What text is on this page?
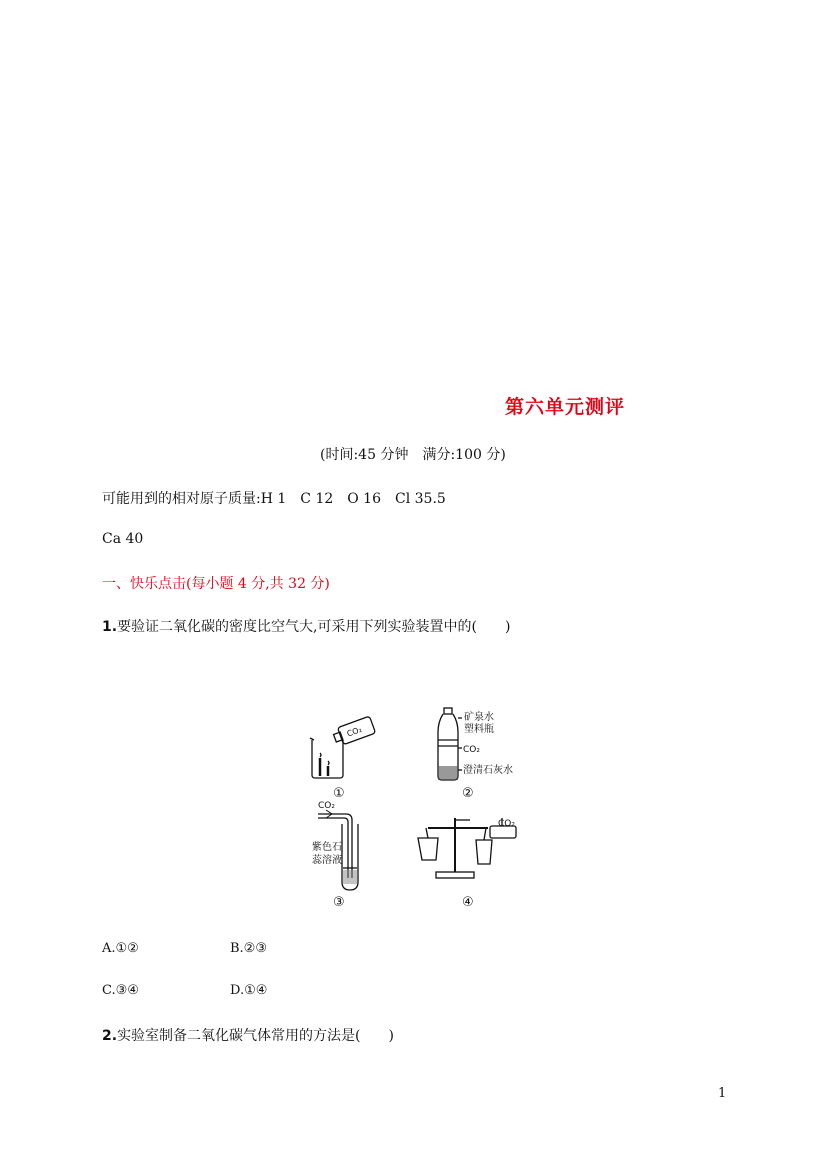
第六单元测评
(时间:45 分钟　满分:100 分)
可能用到的相对原子质量:H 1　C 12　O 16　Cl 35.5
Ca 40
一、快乐点击(每小题 4 分,共 32 分)
1.要验证二氧化碳的密度比空气大,可采用下列实验装置中的(　　)
CO₂
矿泉水
塑料瓶
CO₂
澄清石灰水
①	②
CO₂
紫色石
蕊溶液
CO₂
③	④
A.①②	B.②③
C.③④	D.①④
2.实验室制备二氧化碳气体常用的方法是(　　)
1
